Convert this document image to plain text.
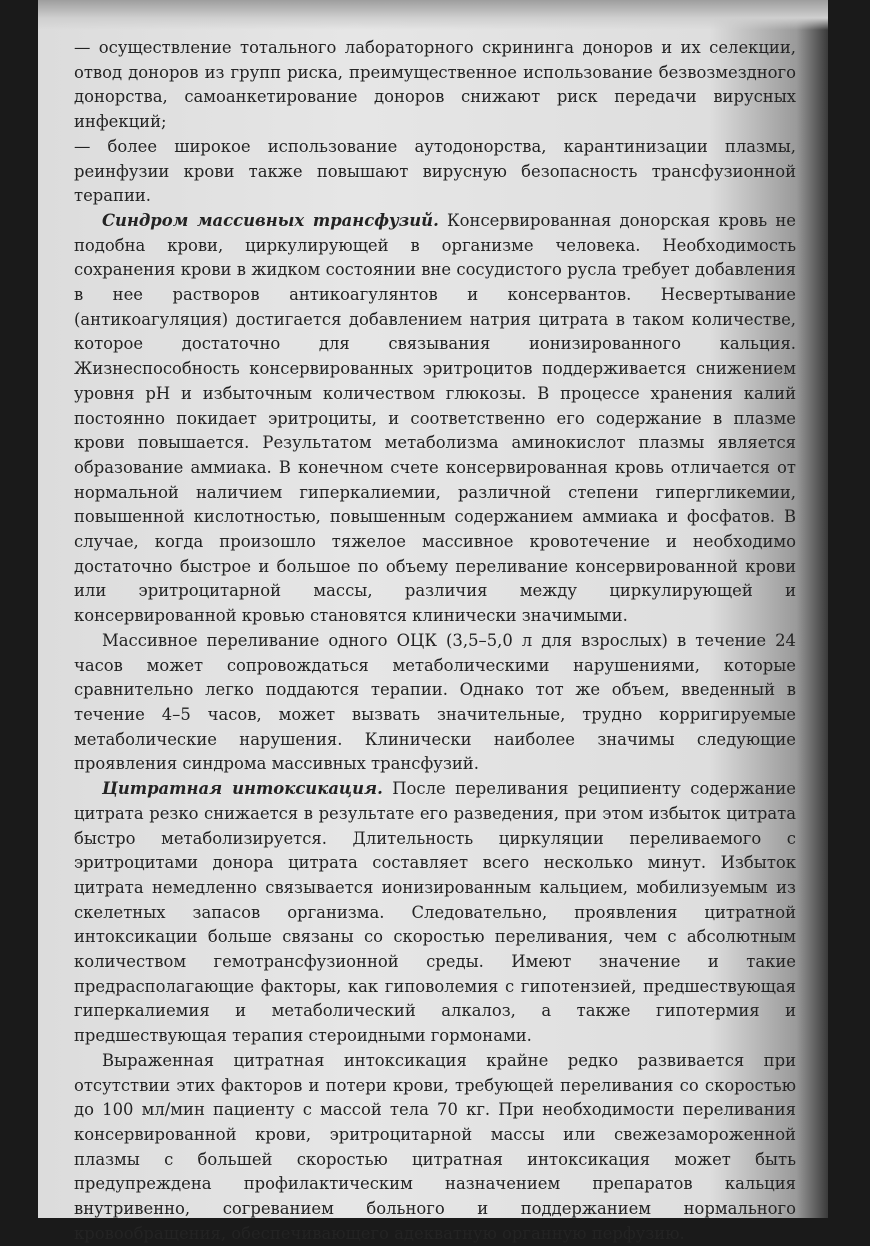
— осуществление тотального лабораторного скрининга доноров и их селекции, отвод доноров из групп риска, преимущественное использование безвозмездного донорства, самоанкетирование доноров снижают риск передачи вирусных инфекций;

— более широкое использование аутодонорства, карантинизации плазмы, реинфузии крови также повышают вирусную безопасность трансфузионной терапии.

Синдром массивных трансфузий. Консервированная донорская кровь не подобна крови, циркулирующей в организме человека. Необходимость сохранения крови в жидком состоянии вне сосудистого русла требует добавления в нее растворов антикоагулянтов и консервантов. Несвертывание (антикоагуляция) достигается добавлением натрия цитрата в таком количестве, которое достаточно для связывания ионизированного кальция. Жизнеспособность консервированных эритроцитов поддерживается снижением уровня рН и избыточным количеством глюкозы. В процессе хранения калий постоянно покидает эритроциты, и соответственно его содержание в плазме крови повышается. Результатом метаболизма аминокислот плазмы является образование аммиака. В конечном счете консервированная кровь отличается от нормальной наличием гиперкалиемии, различной степени гипергликемии, повышенной кислотностью, повышенным содержанием аммиака и фосфатов. В случае, когда произошло тяжелое массивное кровотечение и необходимо достаточно быстрое и большое по объему переливание консервированной крови или эритроцитарной массы, различия между циркулирующей и консервированной кровью становятся клинически значимыми.

Массивное переливание одного ОЦК (3,5–5,0 л для взрослых) в течение 24 часов может сопровождаться метаболическими нарушениями, которые сравнительно легко поддаются терапии. Однако тот же объем, введенный в течение 4–5 часов, может вызвать значительные, трудно корригируемые метаболические нарушения. Клинически наиболее значимы следующие проявления синдрома массивных трансфузий.

Цитратная интоксикация. После переливания реципиенту содержание цитрата резко снижается в результате его разведения, при этом избыток цитрата быстро метаболизируется. Длительность циркуляции переливаемого с эритроцитами донора цитрата составляет всего несколько минут. Избыток цитрата немедленно связывается ионизированным кальцием, мобилизуемым из скелетных запасов организма. Следовательно, проявления цитратной интоксикации больше связаны со скоростью переливания, чем с абсолютным количеством гемотрансфузионной среды. Имеют значение и такие предрасполагающие факторы, как гиповолемия с гипотензией, предшествующая гиперкалиемия и метаболический алкалоз, а также гипотермия и предшествующая терапия стероидными гормонами.

Выраженная цитратная интоксикация крайне редко развивается при отсутствии этих факторов и потери крови, требующей переливания со скоростью до 100 мл/мин пациенту с массой тела 70 кг. При необходимости переливания консервированной крови, эритроцитарной массы или свежезамороженной плазмы с большей скоростью цитратная интоксикация может быть предупреждена профилактическим назначением препаратов кальция внутривенно, согреванием больного и поддержанием нормального кровообращения, обеспечивающего адекватную органную перфузию.
